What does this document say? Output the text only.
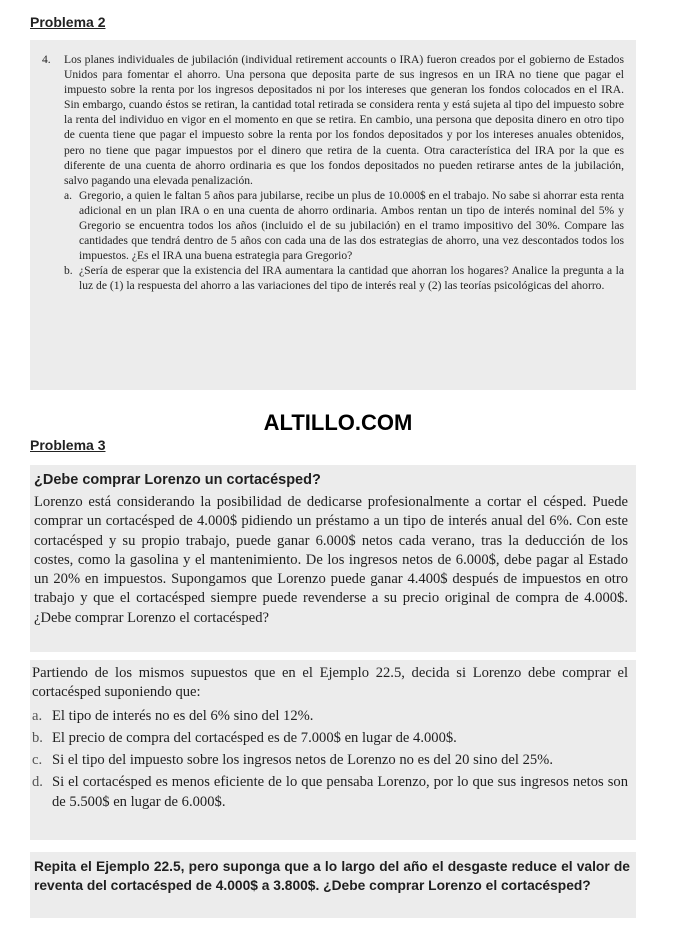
Problema 2
4. Los planes individuales de jubilación (individual retirement accounts o IRA) fueron creados por el gobierno de Estados Unidos para fomentar el ahorro. Una persona que deposita parte de sus ingresos en un IRA no tiene que pagar el impuesto sobre la renta por los ingresos depositados ni por los intereses que generan los fondos colocados en el IRA. Sin embargo, cuando éstos se retiran, la cantidad total retirada se considera renta y está sujeta al tipo del impuesto sobre la renta del individuo en vigor en el momento en que se retira. En cambio, una persona que deposita dinero en otro tipo de cuenta tiene que pagar el impuesto sobre la renta por los fondos depositados y por los intereses anuales obtenidos, pero no tiene que pagar impuestos por el dinero que retira de la cuenta. Otra característica del IRA por la que es diferente de una cuenta de ahorro ordinaria es que los fondos depositados no pueden retirarse antes de la jubilación, salvo pagando una elevada penalización.
a. Gregorio, a quien le faltan 5 años para jubilarse, recibe un plus de 10.000$ en el trabajo. No sabe si ahorrar esta renta adicional en un plan IRA o en una cuenta de ahorro ordinaria. Ambos rentan un tipo de interés nominal del 5% y Gregorio se encuentra todos los años (incluido el de su jubilación) en el tramo impositivo del 30%. Compare las cantidades que tendrá dentro de 5 años con cada una de las dos estrategias de ahorro, una vez descontados todos los impuestos. ¿Es el IRA una buena estrategia para Gregorio?
b. ¿Sería de esperar que la existencia del IRA aumentara la cantidad que ahorran los hogares? Analice la pregunta a la luz de (1) la respuesta del ahorro a las variaciones del tipo de interés real y (2) las teorías psicológicas del ahorro.
ALTILLO.COM
Problema 3
¿Debe comprar Lorenzo un cortacésped?
Lorenzo está considerando la posibilidad de dedicarse profesionalmente a cortar el césped. Puede comprar un cortacésped de 4.000$ pidiendo un préstamo a un tipo de interés anual del 6%. Con este cortacésped y su propio trabajo, puede ganar 6.000$ netos cada verano, tras la deducción de los costes, como la gasolina y el mantenimiento. De los ingresos netos de 6.000$, debe pagar al Estado un 20% en impuestos. Supongamos que Lorenzo puede ganar 4.400$ después de impuestos en otro trabajo y que el cortacésped siempre puede revenderse a su precio original de compra de 4.000$. ¿Debe comprar Lorenzo el cortacésped?
Partiendo de los mismos supuestos que en el Ejemplo 22.5, decida si Lorenzo debe comprar el cortacésped suponiendo que:
a. El tipo de interés no es del 6% sino del 12%.
b. El precio de compra del cortacésped es de 7.000$ en lugar de 4.000$.
c. Si el tipo del impuesto sobre los ingresos netos de Lorenzo no es del 20 sino del 25%.
d. Si el cortacésped es menos eficiente de lo que pensaba Lorenzo, por lo que sus ingresos netos son de 5.500$ en lugar de 6.000$.
Repita el Ejemplo 22.5, pero suponga que a lo largo del año el desgaste reduce el valor de reventa del cortacésped de 4.000$ a 3.800$. ¿Debe comprar Lorenzo el cortacésped?
